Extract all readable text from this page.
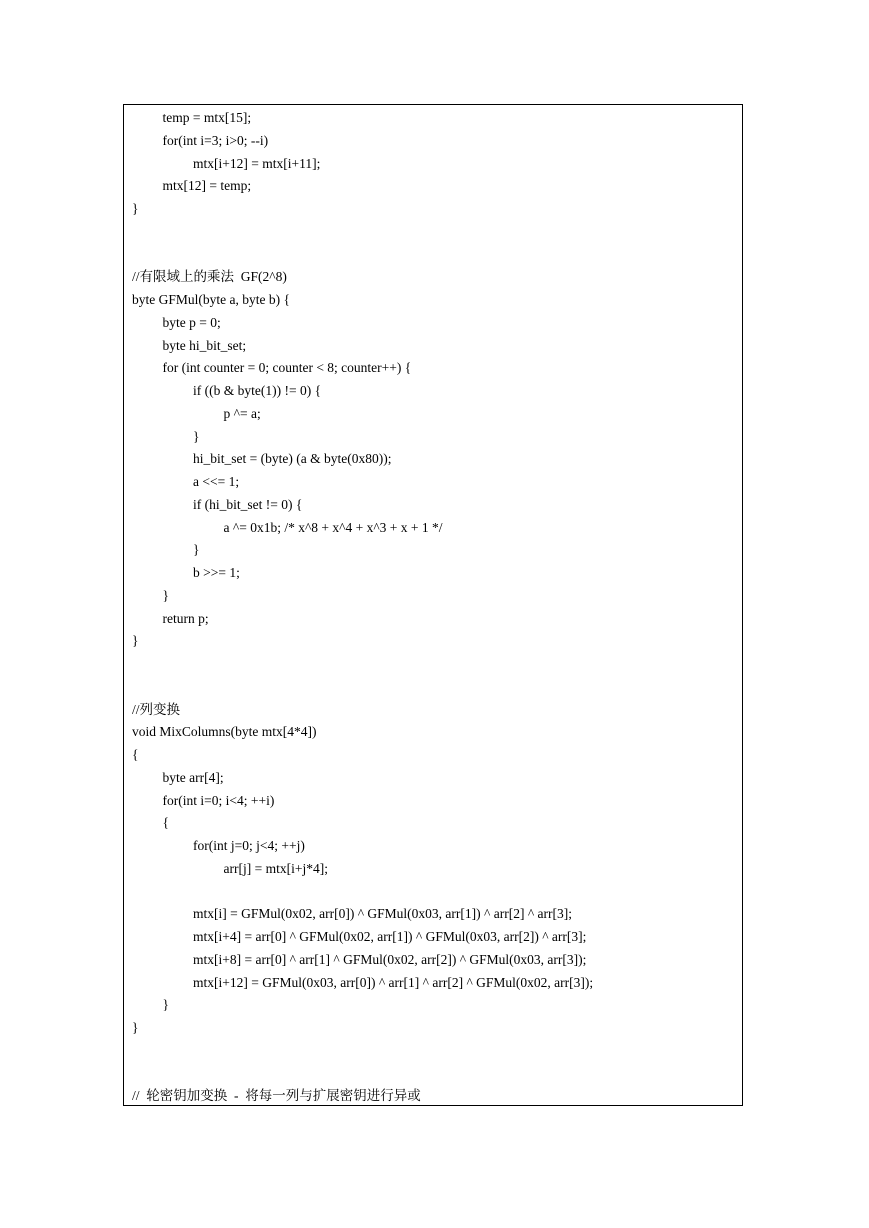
temp = mtx[15];
for(int i=3; i>0; --i)
mtx[i+12] = mtx[i+11];
mtx[12] = temp;
}
//有限域上的乘法  GF(2^8)
byte GFMul(byte a, byte b) {
byte p = 0;
byte hi_bit_set;
for (int counter = 0; counter < 8; counter++) {
if ((b & byte(1)) != 0) {
p ^= a;
}
hi_bit_set = (byte) (a & byte(0x80));
a <<= 1;
if (hi_bit_set != 0) {
a ^= 0x1b; /* x^8 + x^4 + x^3 + x + 1 */
}
b >>= 1;
}
return p;
}
//列变换
void MixColumns(byte mtx[4*4])
{
byte arr[4];
for(int i=0; i<4; ++i)
{
for(int j=0; j<4; ++j)
arr[j] = mtx[i+j*4];
mtx[i] = GFMul(0x02, arr[0]) ^ GFMul(0x03, arr[1]) ^ arr[2] ^ arr[3];
mtx[i+4] = arr[0] ^ GFMul(0x02, arr[1]) ^ GFMul(0x03, arr[2]) ^ arr[3];
mtx[i+8] = arr[0] ^ arr[1] ^ GFMul(0x02, arr[2]) ^ GFMul(0x03, arr[3]);
mtx[i+12] = GFMul(0x03, arr[0]) ^ arr[1] ^ arr[2] ^ GFMul(0x02, arr[3]);
}
}
//  轮密钥加变换  -  将每一列与扩展密钥进行异或
